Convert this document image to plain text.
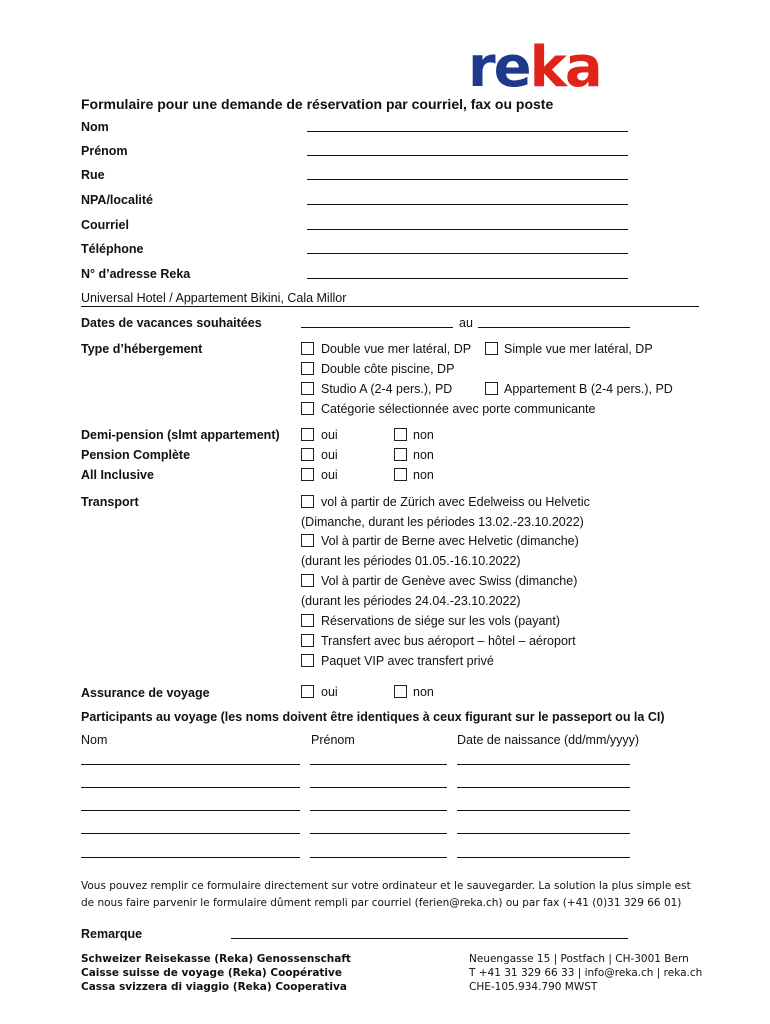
reka
Formulaire pour une demande de réservation par courriel, fax ou poste
Nom
Prénom
Rue
NPA/localité
Courriel
Téléphone
N° d’adresse Reka
Universal Hotel / Appartement Bikini, Cala Millor
Dates de vacances souhaitées	au
Type d’hébergement	Double vue mer latéral, DP	Simple vue mer latéral, DP
Double côte piscine, DP
Studio A (2-4 pers.), PD	Appartement B (2-4 pers.), PD
Catégorie sélectionnée avec porte communicante
Demi-pension (slmt appartement)	oui	non
Pension Complète	oui	non
All Inclusive	oui	non
Transport	vol à partir de Zürich avec Edelweiss ou Helvetic
(Dimanche, durant les périodes 13.02.-23.10.2022)
Vol à partir de Berne avec Helvetic (dimanche)
(durant les périodes 01.05.-16.10.2022)
Vol à partir de Genève avec Swiss (dimanche)
(durant les périodes 24.04.-23.10.2022)
Réservations de siége sur les vols (payant)
Transfert avec bus aéroport – hôtel – aéroport
Paquet VIP avec transfert privé
Assurance de voyage	oui	non
Participants au voyage (les noms doivent être identiques à ceux figurant sur le passeport ou la CI)
Nom	Prénom	Date de naissance (dd/mm/yyyy)
Vous pouvez remplir ce formulaire directement sur votre ordinateur et le sauvegarder. La solution la plus simple est de nous faire parvenir le formulaire dûment rempli par courriel (ferien@reka.ch) ou par fax (+41 (0)31 329 66 01)
Remarque
Schweizer Reisekasse (Reka) Genossenschaft
Caisse suisse de voyage (Reka) Coopérative
Cassa svizzera di viaggio (Reka) Cooperativa
Neuengasse 15 | Postfach | CH-3001 Bern
T +41 31 329 66 33 | info@reka.ch | reka.ch
CHE-105.934.790 MWST
